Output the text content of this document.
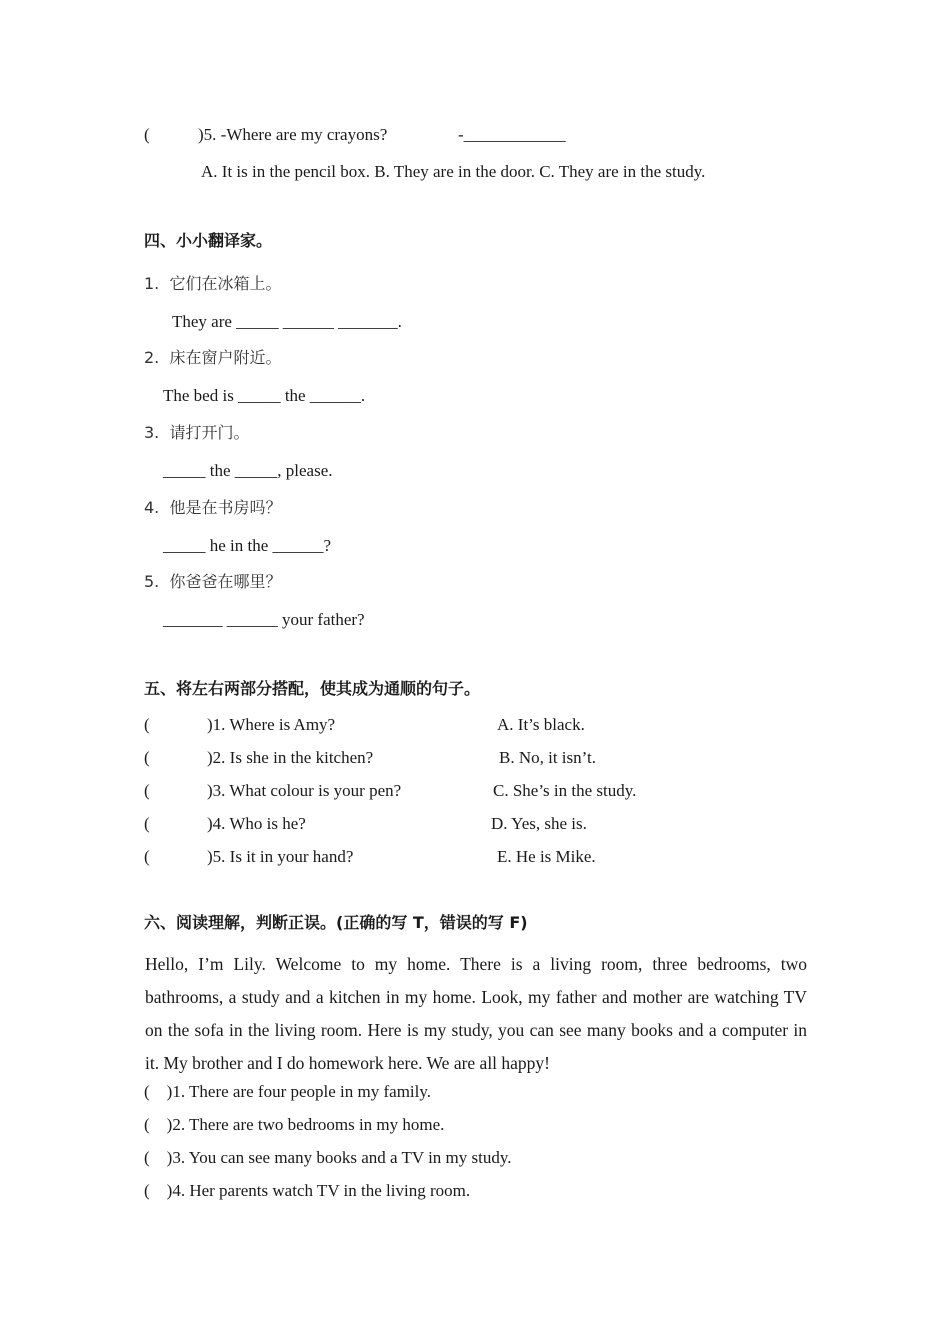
(	)5. -Where are my crayons?	-____________
A. It is in the pencil box. B. They are in the door. C. They are in the study.
四、小小翻译家。
1.  它们在冰箱上。
They are _____ ______ _______.
2.  床在窗户附近。
The bed is _____ the ______.
3.  请打开门。
_____ the _____, please.
4.  他是在书房吗？
_____ he in the ______?
5.  你爸爸在哪里？
_______ ______ your father?
五、将左右两部分搭配，使其成为通顺的句子。
(	)1. Where is Amy?	A. It’s black.
(	)2. Is she in the kitchen?	B. No, it isn’t.
(	)3. What colour is your pen?	C. She’s in the study.
(	)4. Who is he?	D. Yes, she is.
(	)5. Is it in your hand?	E. He is Mike.
六、阅读理解，判断正误。(正确的写 T，错误的写 F)
Hello, I’m Lily. Welcome to my home. There is a living room, three bedrooms, two bathrooms, a study and a kitchen in my home. Look, my father and mother are watching TV on the sofa in the living room. Here is my study, you can see many books and a computer in it. My brother and I do homework here. We are all happy!
(    )1. There are four people in my family.
(    )2. There are two bedrooms in my home.
(    )3. You can see many books and a TV in my study.
(    )4. Her parents watch TV in the living room.
